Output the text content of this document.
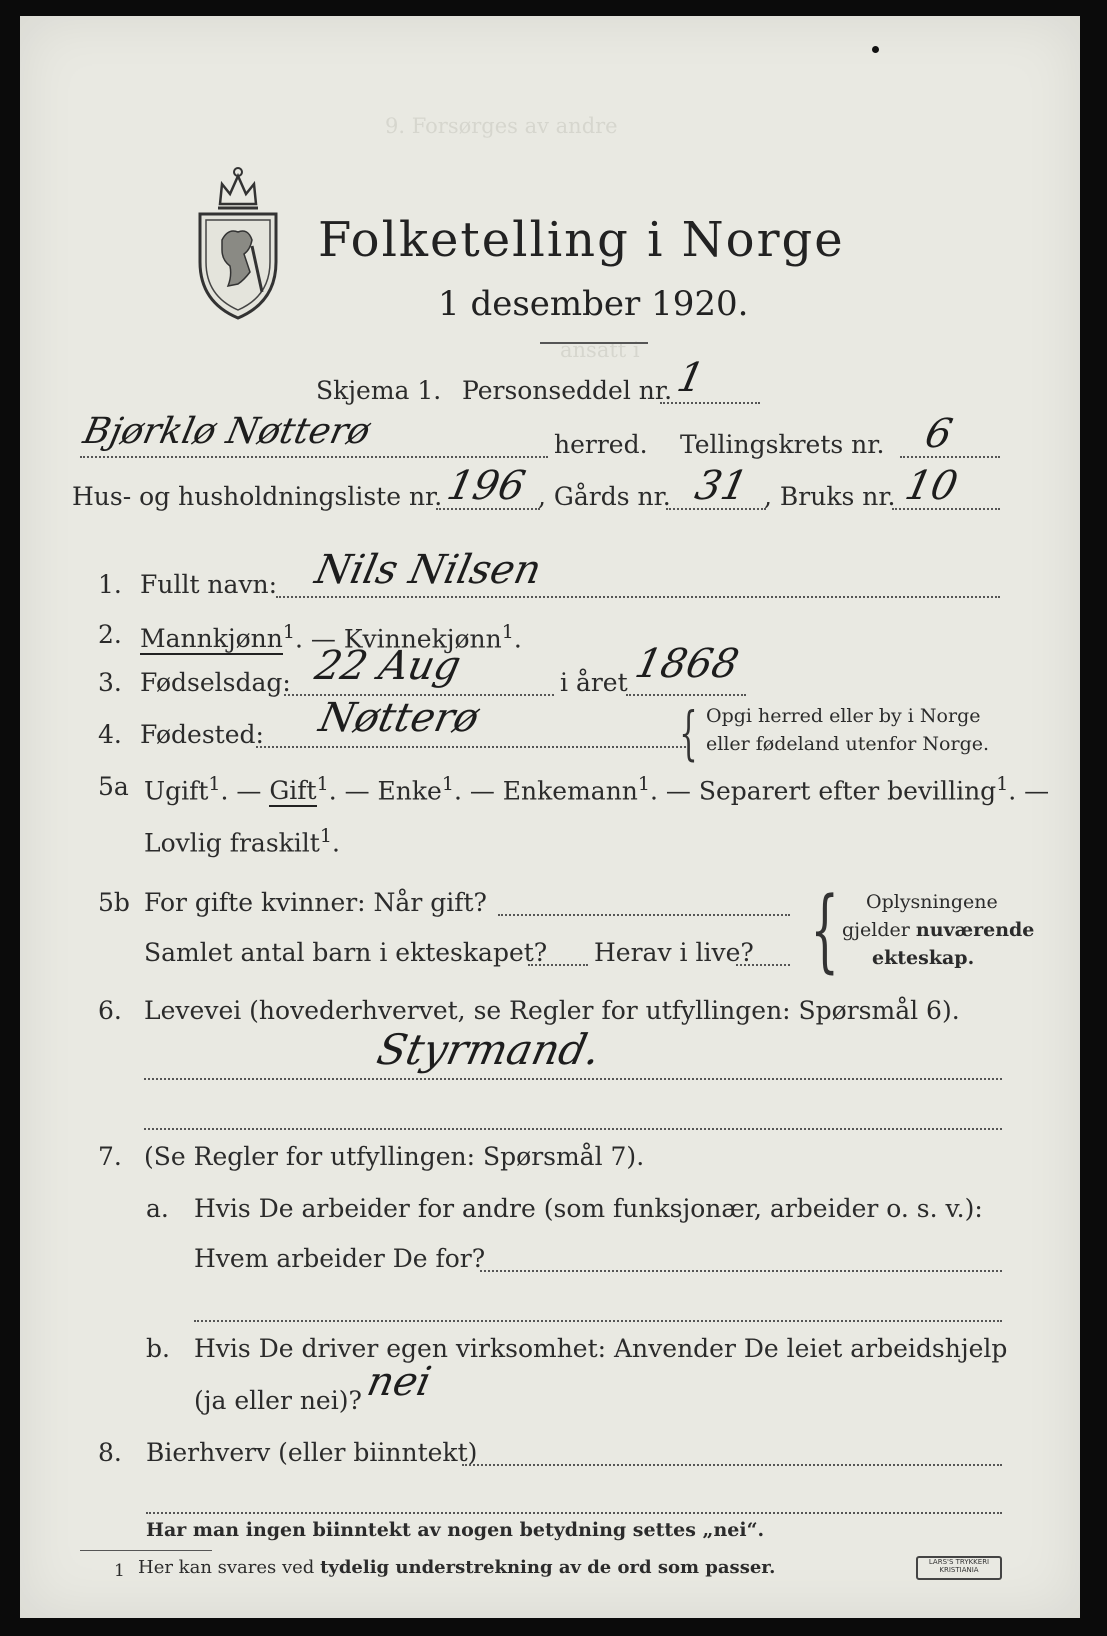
9. Forsørges av andre
ansatt i
Folketelling i Norge
1 desember 1920.
Skjema 1. Personseddel nr. 1
Bjørklø Nøtterø	herred. Tellingskrets nr. 6
Hus- og husholdningsliste nr. 196 , Gårds nr. 31 , Bruks nr. 10
1. Fullt navn: Nils Nilsen
2. Mannkjønn$^1$. — Kvinnekjønn$^1$.
3. Fødselsdag: 22 Aug	i året 1868
4. Fødested: Nøtterø	{ Opgi herred eller by i Norge
eller fødeland utenfor Norge.
5a Ugift$^1$. — Gift$^1$. — Enke$^1$. — Enkemann$^1$. — Separert efter bevilling$^1$. —
Lovlig fraskilt$^1$.
5b For gifte kvinner: Når gift?
Samlet antal barn i ekteskapet? Herav i live? { Oplysningene
gjelder nuværende
ekteskap.
6. Levevei (hovederhvervet, se Regler for utfyllingen: Spørsmål 6).
Styrmand.
7. (Se Regler for utfyllingen: Spørsmål 7).
a. Hvis De arbeider for andre (som funksjonær, arbeider o. s. v.):
Hvem arbeider De for?
b. Hvis De driver egen virksomhet: Anvender De leiet arbeidshjelp
(ja eller nei)? nei
8. Bierhverv (eller biinntekt)
Har man ingen biinntekt av nogen betydning settes „nei“.
1 Her kan svares ved tydelig understrekning av de ord som passer.	LARS'S TRYKKERI KRISTIANIA
